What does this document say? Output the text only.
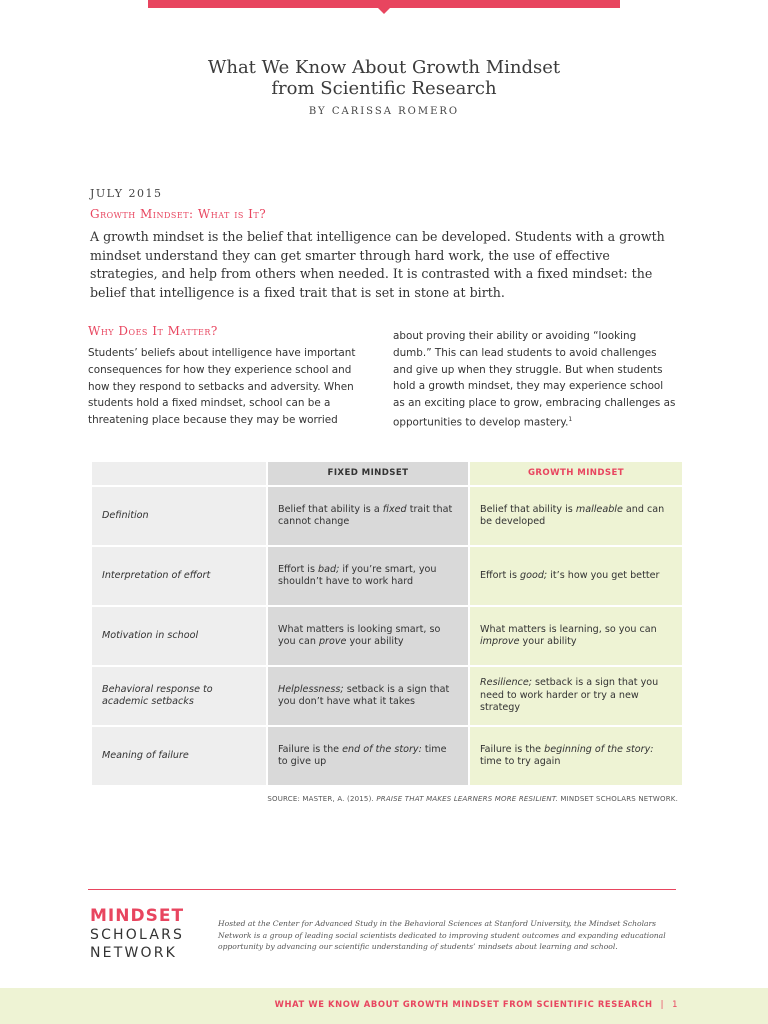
What We Know About Growth Mindset
from Scientific Research
BY CARISSA ROMERO
JULY 2015
Growth Mindset: What is It?
A growth mindset is the belief that intelligence can be developed. Students with a growth mindset understand they can get smarter through hard work, the use of effective strategies, and help from others when needed. It is contrasted with a fixed mindset: the belief that intelligence is a fixed trait that is set in stone at birth.
Why Does It Matter?
Students’ beliefs about intelligence have important consequences for how they experience school and how they respond to setbacks and adversity. When students hold a fixed mindset, school can be a threatening place because they may be worried
about proving their ability or avoiding “looking dumb.” This can lead students to avoid challenges and give up when they struggle. But when students hold a growth mindset, they may experience school as an exciting place to grow, embracing challenges as opportunities to develop mastery.$^1$
	FIXED MINDSET	GROWTH MINDSET
Definition	Belief that ability is a fixed trait that cannot change	Belief that ability is malleable and can be developed
Interpretation of effort	Effort is bad; if you’re smart, you shouldn’t have to work hard	Effort is good; it’s how you get better
Motivation in school	What matters is looking smart, so you can prove your ability	What matters is learning, so you can improve your ability
Behavioral response to academic setbacks	Helplessness; setback is a sign that you don’t have what it takes	Resilience; setback is a sign that you need to work harder or try a new strategy
Meaning of failure	Failure is the end of the story: time to give up	Failure is the beginning of the story: time to try again
SOURCE: MASTER, A. (2015). PRAISE THAT MAKES LEARNERS MORE RESILIENT. MINDSET SCHOLARS NETWORK.
MINDSET
SCHOLARS
NETWORK
Hosted at the Center for Advanced Study in the Behavioral Sciences at Stanford University, the Mindset Scholars Network is a group of leading social scientists dedicated to improving student outcomes and expanding educational opportunity by advancing our scientific understanding of students’ mindsets about learning and school.
WHAT WE KNOW ABOUT GROWTH MINDSET FROM SCIENTIFIC RESEARCH | 1
